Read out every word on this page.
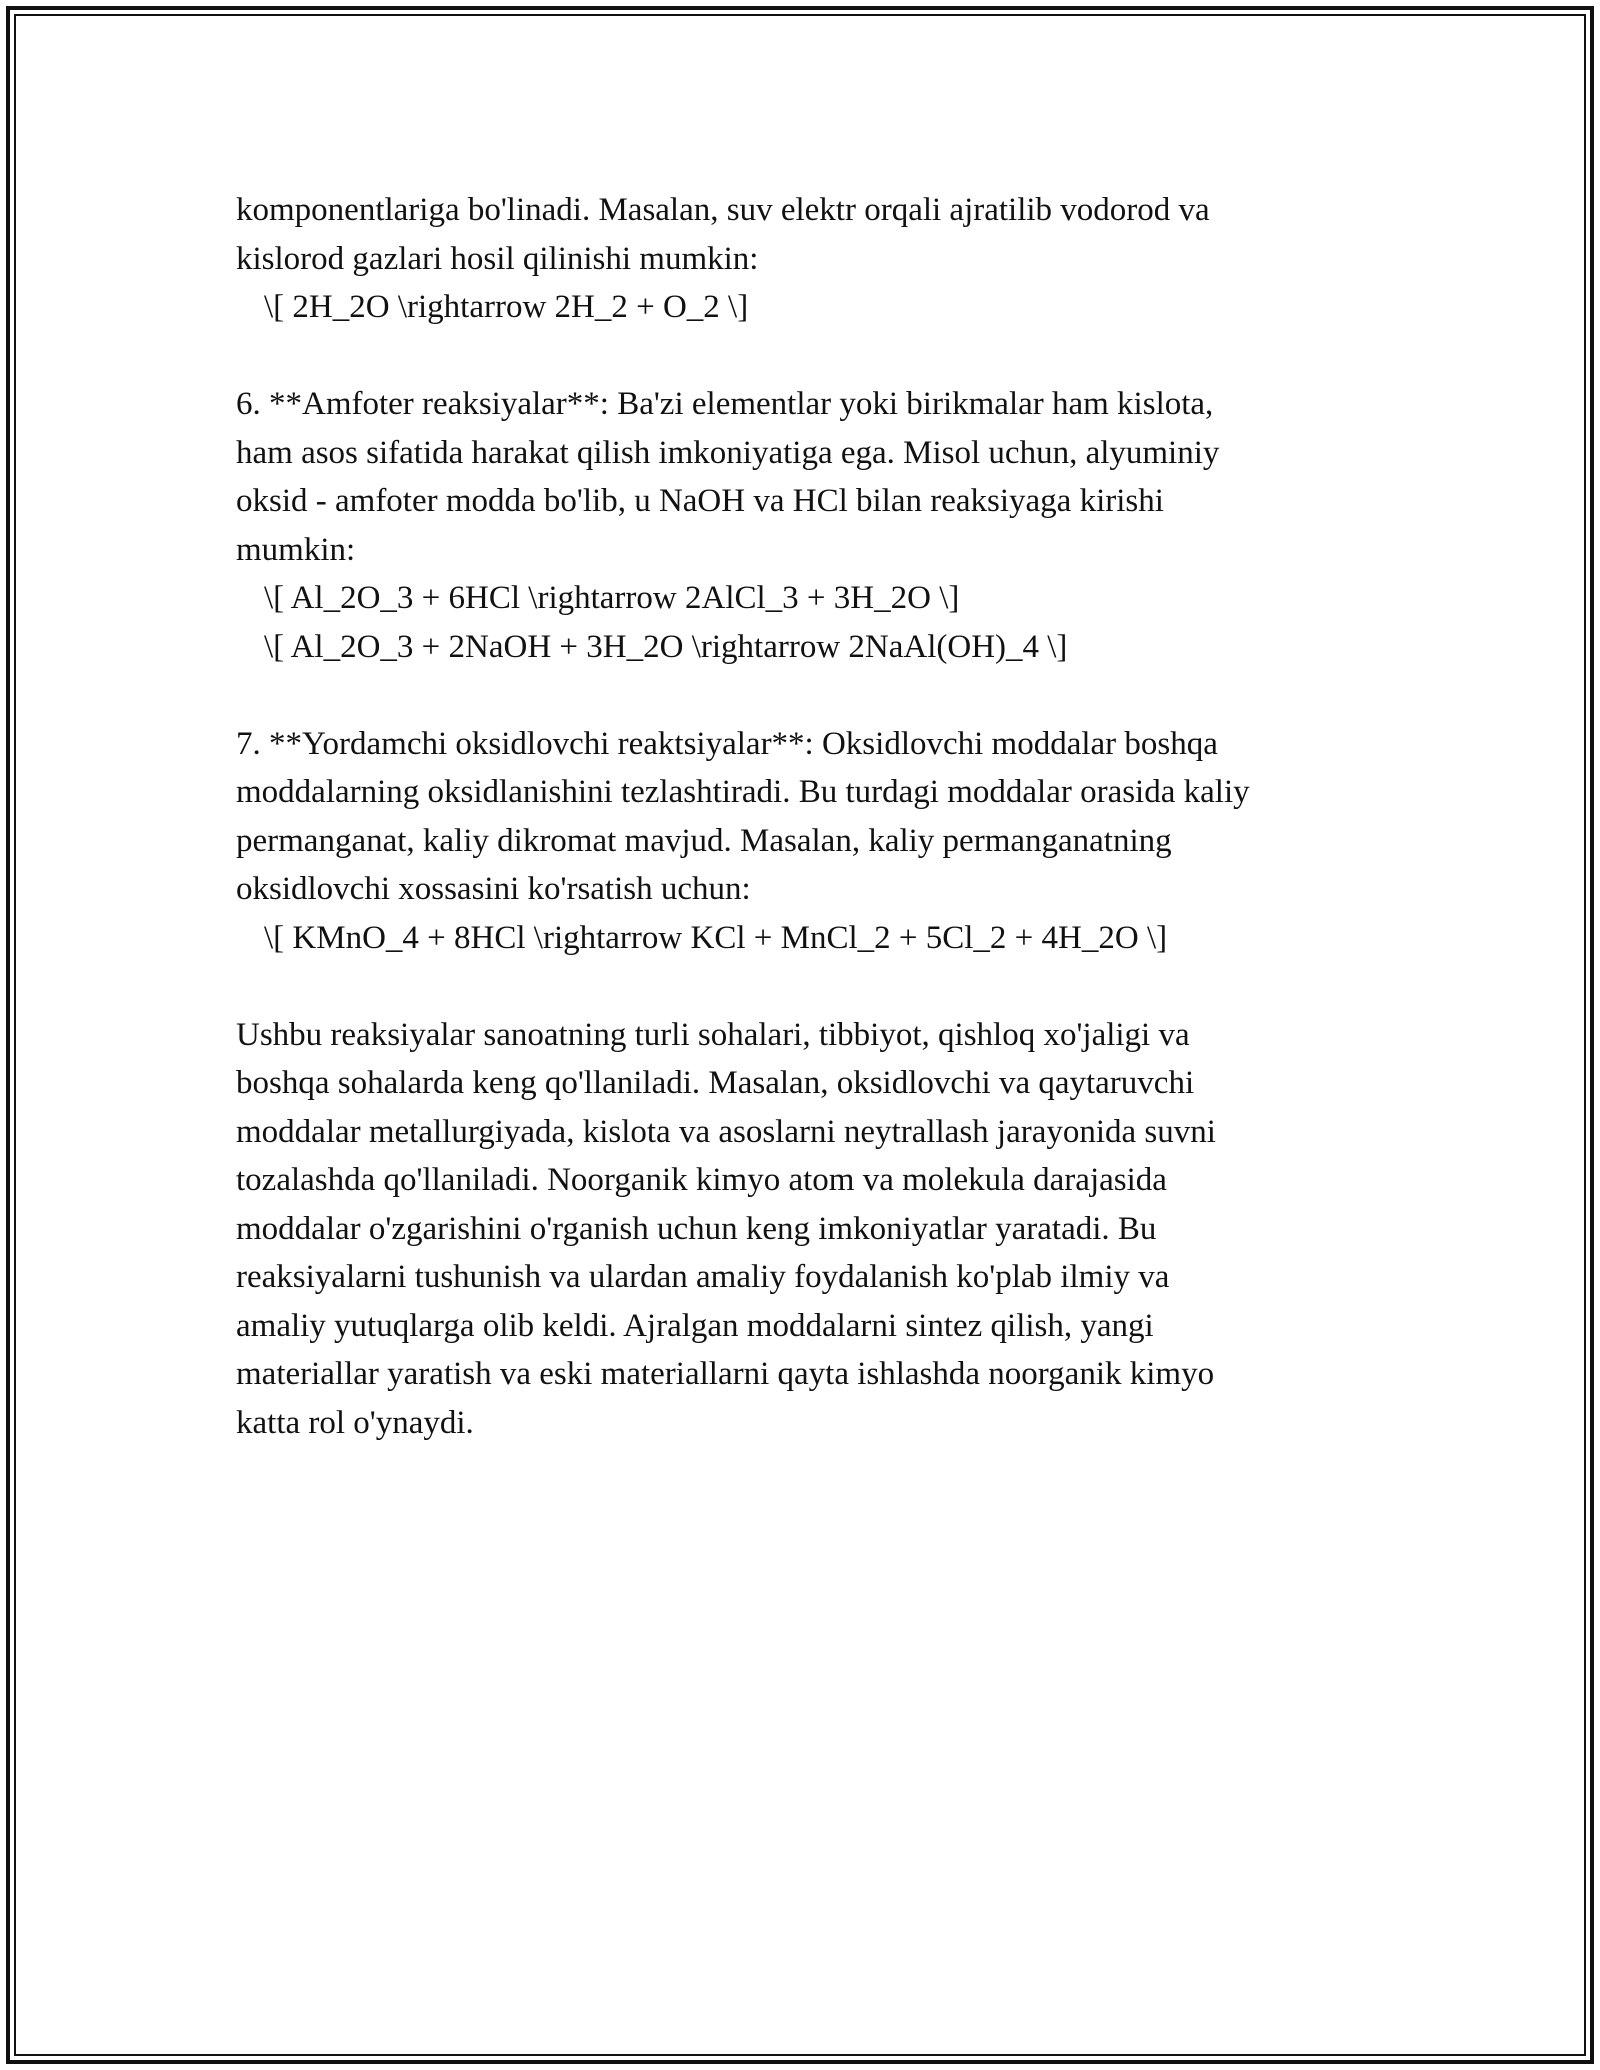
komponentlariga bo'linadi. Masalan, suv elektr orqali ajratilib vodorod va

kislorod gazlari hosil qilinishi mumkin:

\[ 2H_2O \rightarrow 2H_2 + O_2 \]

6. **Amfoter reaksiyalar**: Ba'zi elementlar yoki birikmalar ham kislota,

ham asos sifatida harakat qilish imkoniyatiga ega. Misol uchun, alyuminiy

oksid - amfoter modda bo'lib, u NaOH va HCl bilan reaksiyaga kirishi

mumkin:

\[ Al_2O_3 + 6HCl \rightarrow 2AlCl_3 + 3H_2O \]

\[ Al_2O_3 + 2NaOH + 3H_2O \rightarrow 2NaAl(OH)_4 \]

7. **Yordamchi oksidlovchi reaktsiyalar**: Oksidlovchi moddalar boshqa

moddalarning oksidlanishini tezlashtiradi. Bu turdagi moddalar orasida kaliy

permanganat, kaliy dikromat mavjud. Masalan, kaliy permanganatning

oksidlovchi xossasini ko'rsatish uchun:

\[ KMnO_4 + 8HCl \rightarrow KCl + MnCl_2 + 5Cl_2 + 4H_2O \]

Ushbu reaksiyalar sanoatning turli sohalari, tibbiyot, qishloq xo'jaligi va

boshqa sohalarda keng qo'llaniladi. Masalan, oksidlovchi va qaytaruvchi

moddalar metallurgiyada, kislota va asoslarni neytrallash jarayonida suvni

tozalashda qo'llaniladi. Noorganik kimyo atom va molekula darajasida

moddalar o'zgarishini o'rganish uchun keng imkoniyatlar yaratadi. Bu

reaksiyalarni tushunish va ulardan amaliy foydalanish ko'plab ilmiy va

amaliy yutuqlarga olib keldi. Ajralgan moddalarni sintez qilish, yangi

materiallar yaratish va eski materiallarni qayta ishlashda noorganik kimyo

katta rol o'ynaydi.
